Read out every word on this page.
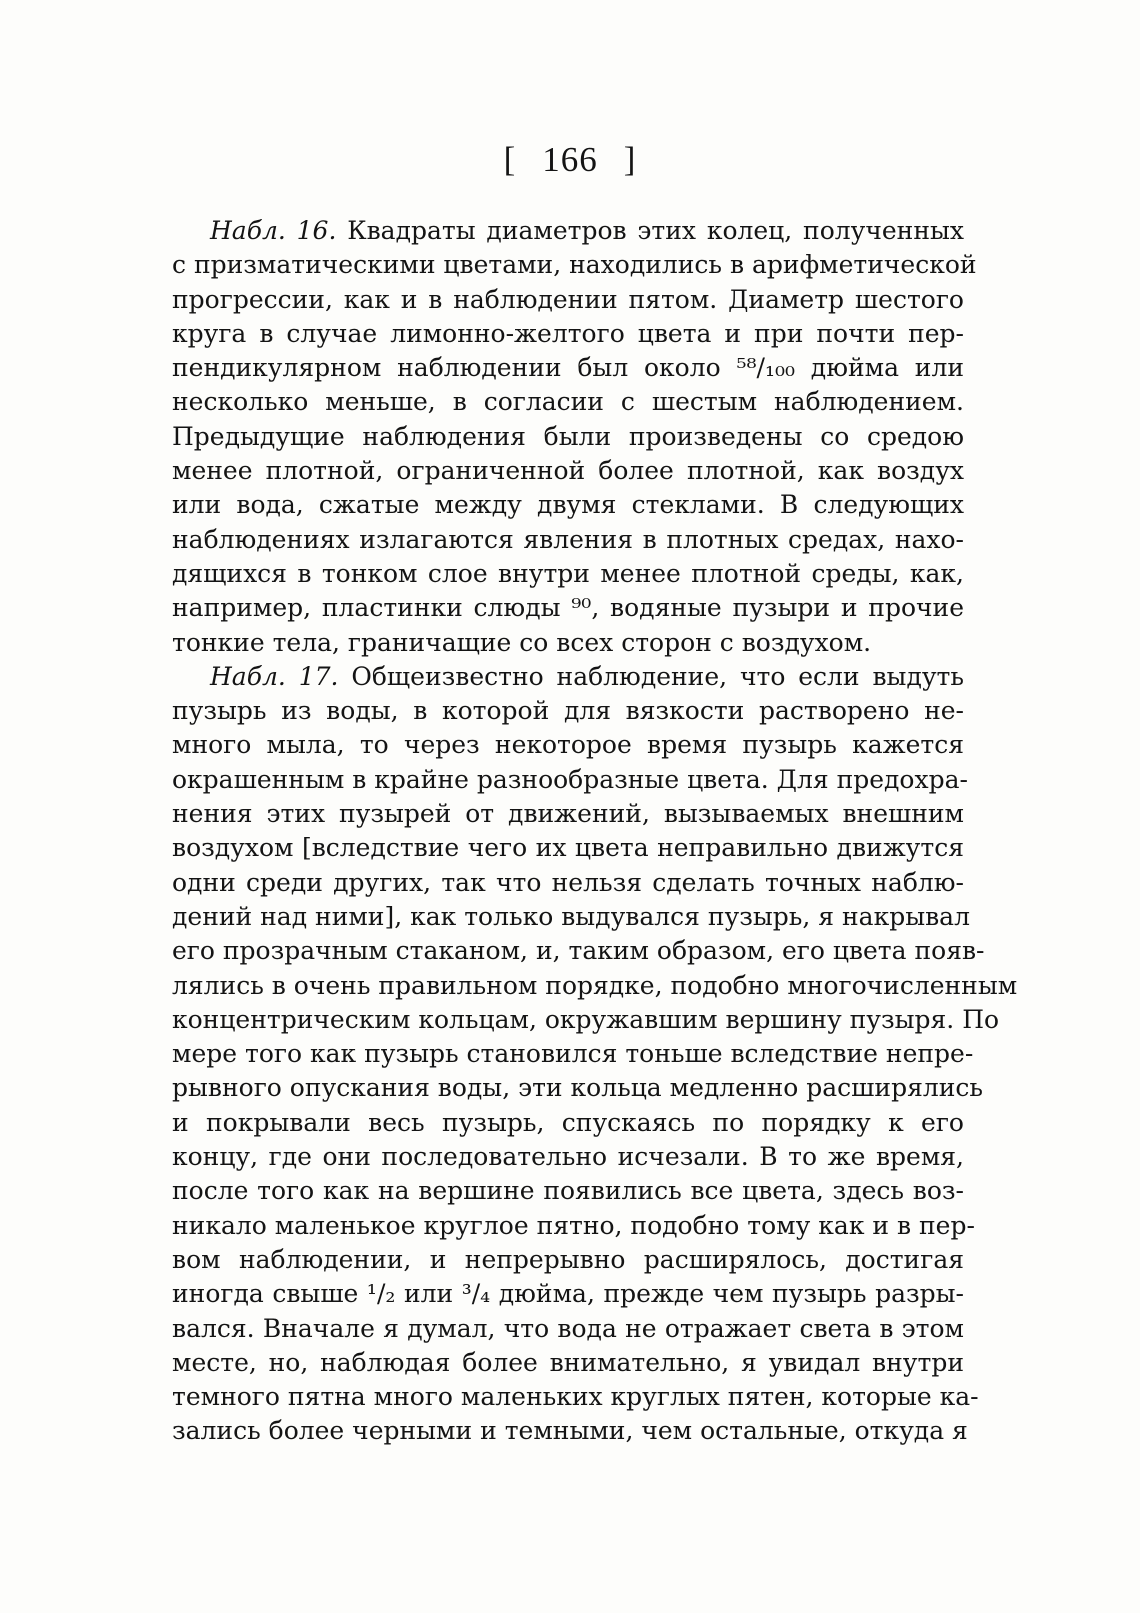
[ 166 ]
Набл. 16. Квадраты диаметров этих колец, полученных
с призматическими цветами, находились в арифметической
прогрессии, как и в наблюдении пятом. Диаметр шестого
круга в случае лимонно-желтого цвета и при почти пер-
пендикулярном наблюдении был около ⁵⁸/₁₀₀ дюйма или
несколько меньше, в согласии с шестым наблюдением.
Предыдущие наблюдения были произведены со средою
менее плотной, ограниченной более плотной, как воздух
или вода, сжатые между двумя стеклами. В следующих
наблюдениях излагаются явления в плотных средах, нахо-
дящихся в тонком слое внутри менее плотной среды, как,
например, пластинки слюды ⁹⁰, водяные пузыри и прочие
тонкие тела, граничащие со всех сторон с воздухом.
Набл. 17. Общеизвестно наблюдение, что если выдуть
пузырь из воды, в которой для вязкости растворено не-
много мыла, то через некоторое время пузырь кажется
окрашенным в крайне разнообразные цвета. Для предохра-
нения этих пузырей от движений, вызываемых внешним
воздухом [вследствие чего их цвета неправильно движутся
одни среди других, так что нельзя сделать точных наблю-
дений над ними], как только выдувался пузырь, я накрывал
его прозрачным стаканом, и, таким образом, его цвета появ-
лялись в очень правильном порядке, подобно многочисленным
концентрическим кольцам, окружавшим вершину пузыря. По
мере того как пузырь становился тоньше вследствие непре-
рывного опускания воды, эти кольца медленно расширялись
и покрывали весь пузырь, спускаясь по порядку к его
концу, где они последовательно исчезали. В то же время,
после того как на вершине появились все цвета, здесь воз-
никало маленькое круглое пятно, подобно тому как и в пер-
вом наблюдении, и непрерывно расширялось, достигая
иногда свыше ¹/₂ или ³/₄ дюйма, прежде чем пузырь разры-
вался. Вначале я думал, что вода не отражает света в этом
месте, но, наблюдая более внимательно, я увидал внутри
темного пятна много маленьких круглых пятен, которые ка-
зались более черными и темными, чем остальные, откуда я
